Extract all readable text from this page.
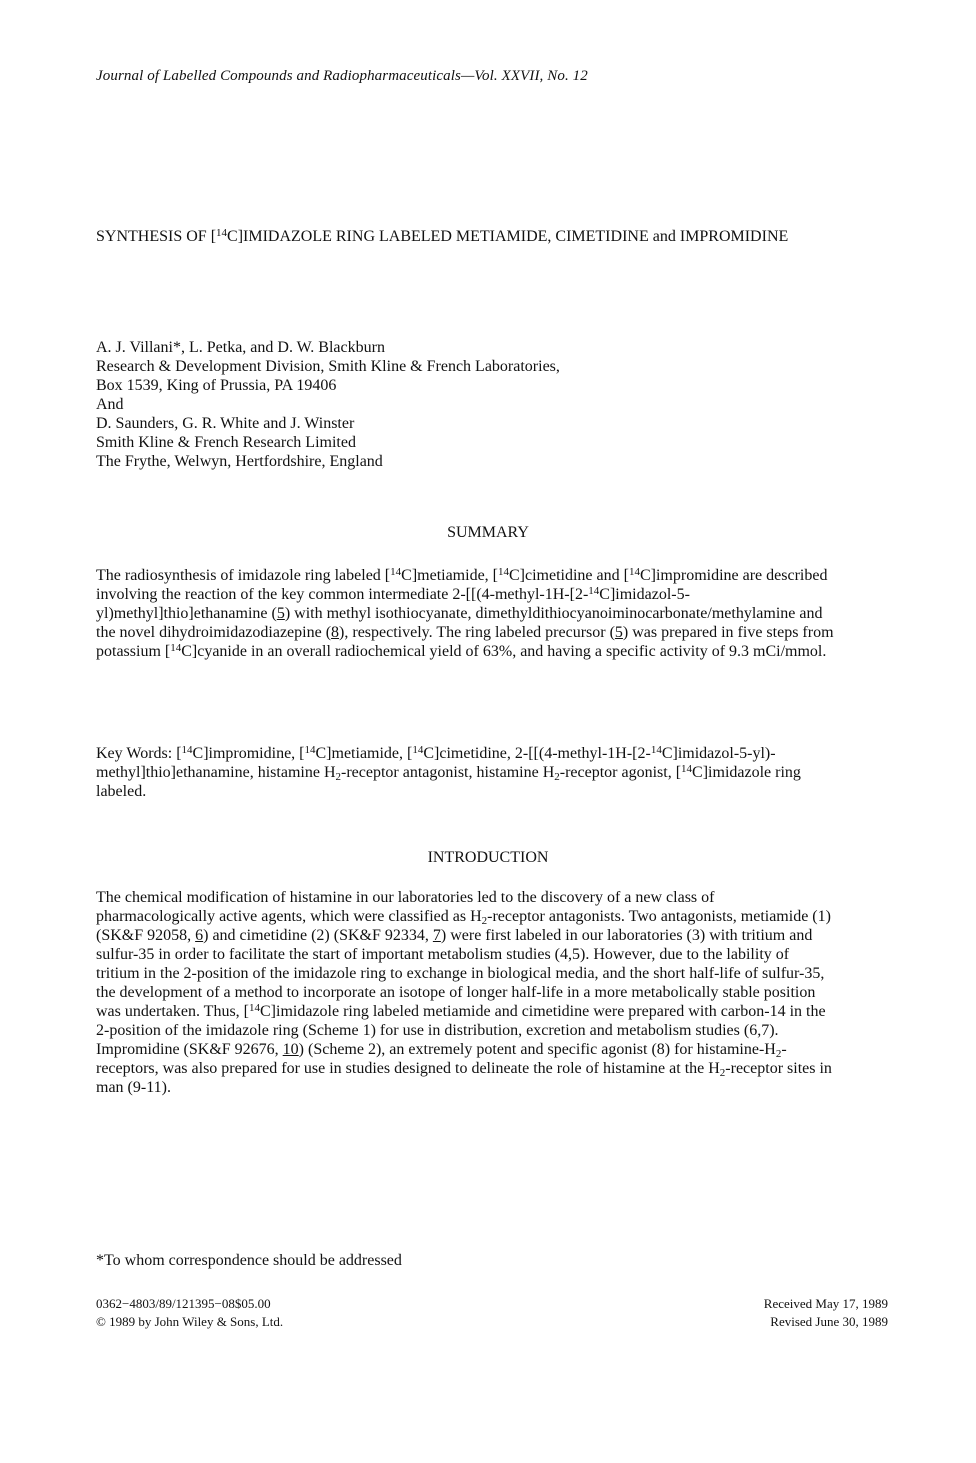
Journal of Labelled Compounds and Radiopharmaceuticals—Vol. XXVII, No. 12
SYNTHESIS OF [$^{14}$C]IMIDAZOLE RING LABELED METIAMIDE, CIMETIDINE and IMPROMIDINE
A. J. Villani*, L. Petka, and D. W. Blackburn
Research & Development Division, Smith Kline & French Laboratories,
Box 1539, King of Prussia, PA 19406
And
D. Saunders, G. R. White and J. Winster
Smith Kline & French Research Limited
The Frythe, Welwyn, Hertfordshire, England
SUMMARY
The radiosynthesis of imidazole ring labeled [$^{14}$C]metiamide, [$^{14}$C]cimetidine and [$^{14}$C]impromidine are described involving the reaction of the key common intermediate 2-[[(4-methyl-1H-[2-$^{14}$C]imidazol-5-yl)methyl]thio]ethanamine (5) with methyl isothiocyanate, dimethyldithiocyanoiminocarbonate/methylamine and the novel dihydroimidazodiazepine (8), respectively. The ring labeled precursor (5) was prepared in five steps from potassium [$^{14}$C]cyanide in an overall radiochemical yield of 63%, and having a specific activity of 9.3 mCi/mmol.
Key Words: [$^{14}$C]impromidine, [$^{14}$C]metiamide, [$^{14}$C]cimetidine, 2-[[(4-methyl-1H-[2-$^{14}$C]imidazol-5-yl)-methyl]thio]ethanamine, histamine $H_2$-receptor antagonist, histamine $H_2$-receptor agonist, [$^{14}$C]imidazole ring labeled.
INTRODUCTION
The chemical modification of histamine in our laboratories led to the discovery of a new class of pharmacologically active agents, which were classified as $H_2$-receptor antagonists. Two antagonists, metiamide (1) (SK&F 92058, 6) and cimetidine (2) (SK&F 92334, 7) were first labeled in our laboratories (3) with tritium and sulfur-35 in order to facilitate the start of important metabolism studies (4,5). However, due to the lability of tritium in the 2-position of the imidazole ring to exchange in biological media, and the short half-life of sulfur-35, the development of a method to incorporate an isotope of longer half-life in a more metabolically stable position was undertaken. Thus, [$^{14}$C]imidazole ring labeled metiamide and cimetidine were prepared with carbon-14 in the 2-position of the imidazole ring (Scheme 1) for use in distribution, excretion and metabolism studies (6,7). Impromidine (SK&F 92676, 10) (Scheme 2), an extremely potent and specific agonist (8) for histamine-$H_2$-receptors, was also prepared for use in studies designed to delineate the role of histamine at the $H_2$-receptor sites in man (9-11).
*To whom correspondence should be addressed
0362−4803/89/121395−08$05.00
© 1989 by John Wiley & Sons, Ltd.
Received May 17, 1989
Revised June 30, 1989
